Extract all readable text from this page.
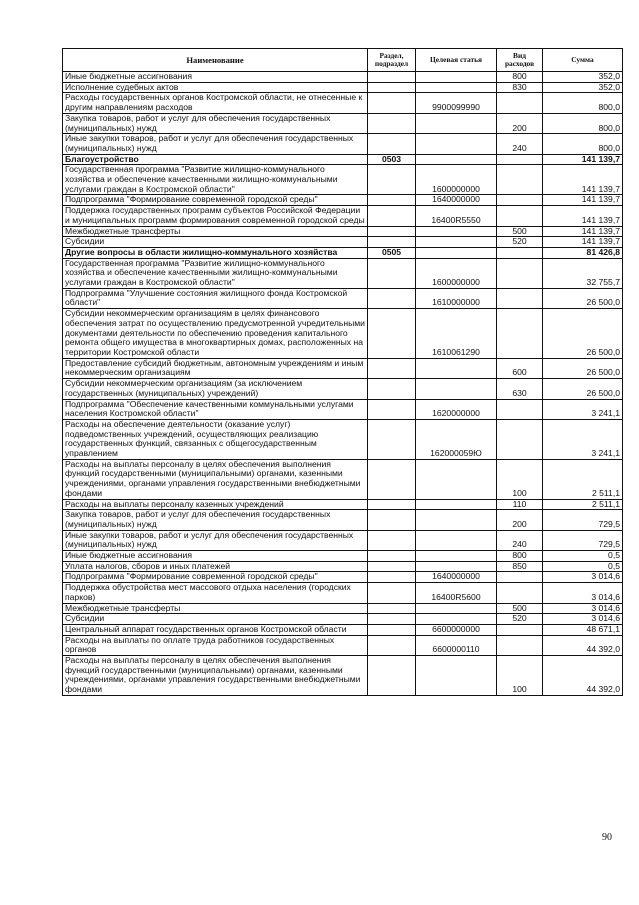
Наименование	Раздел, подраздел	Целевая статья	Вид расходов	Сумма
Иные бюджетные ассигнования			800	352,0
Исполнение судебных актов			830	352,0
Расходы государственных органов Костромской области, не отнесенные к другим направлениям расходов		9900099990		800,0
Закупка товаров, работ и услуг для обеспечения государственных (муниципальных) нужд			200	800,0
Иные закупки товаров, работ и услуг для обеспечения государственных (муниципальных) нужд			240	800,0
Благоустройство	0503			141 139,7
Государственная программа "Развитие жилищно-коммунального хозяйства и обеспечение качественными жилищно-коммунальными услугами граждан в Костромской области"		1600000000		141 139,7
Подпрограмма "Формирование современной городской среды"		1640000000		141 139,7
Поддержка государственных программ субъектов Российской Федерации и муниципальных программ формирования современной городской среды		16400R5550		141 139,7
Межбюджетные трансферты			500	141 139,7
Субсидии			520	141 139,7
Другие вопросы в области жилищно-коммунального хозяйства	0505			81 426,8
Государственная программа "Развитие жилищно-коммунального хозяйства и обеспечение качественными жилищно-коммунальными услугами граждан в Костромской области"		1600000000		32 755,7
Подпрограмма "Улучшение состояния жилищного фонда Костромской области"		1610000000		26 500,0
Субсидии некоммерческим организациям в целях финансового обеспечения затрат по осуществлению предусмотренной учредительными документами деятельности по обеспечению проведения капитального ремонта общего имущества в многоквартирных домах, расположенных на территории Костромской области		1610061290		26 500,0
Предоставление субсидий бюджетным, автономным учреждениям и иным некоммерческим организациям			600	26 500,0
Субсидии некоммерческим организациям (за исключением государственных (муниципальных) учреждений)			630	26 500,0
Подпрограмма "Обеспечение качественными коммунальными услугами населения Костромской области"		1620000000		3 241,1
Расходы на обеспечение деятельности (оказание услуг) подведомственных учреждений, осуществляющих реализацию государственных функций, связанных с общегосударственным управлением		162000059Ю		3 241,1
Расходы на выплаты персоналу в целях обеспечения выполнения функций государственными (муниципальными) органами, казенными учреждениями, органами управления государственными внебюджетными фондами			100	2 511,1
Расходы на выплаты персоналу казенных учреждений			110	2 511,1
Закупка товаров, работ и услуг для обеспечения государственных (муниципальных) нужд			200	729,5
Иные закупки товаров, работ и услуг для обеспечения государственных (муниципальных) нужд			240	729,5
Иные бюджетные ассигнования			800	0,5
Уплата налогов, сборов и иных платежей			850	0,5
Подпрограмма "Формирование современной городской среды"		1640000000		3 014,6
Поддержка обустройства мест массового отдыха населения (городских парков)		16400R5600		3 014,6
Межбюджетные трансферты			500	3 014,6
Субсидии			520	3 014,6
Центральный аппарат государственных органов Костромской области		6600000000		48 671,1
Расходы на выплаты по оплате труда работников государственных органов		6600000110		44 392,0
Расходы на выплаты персоналу в целях обеспечения выполнения функций государственными (муниципальными) органами, казенными учреждениями, органами управления государственными внебюджетными фондами			100	44 392,0
90
